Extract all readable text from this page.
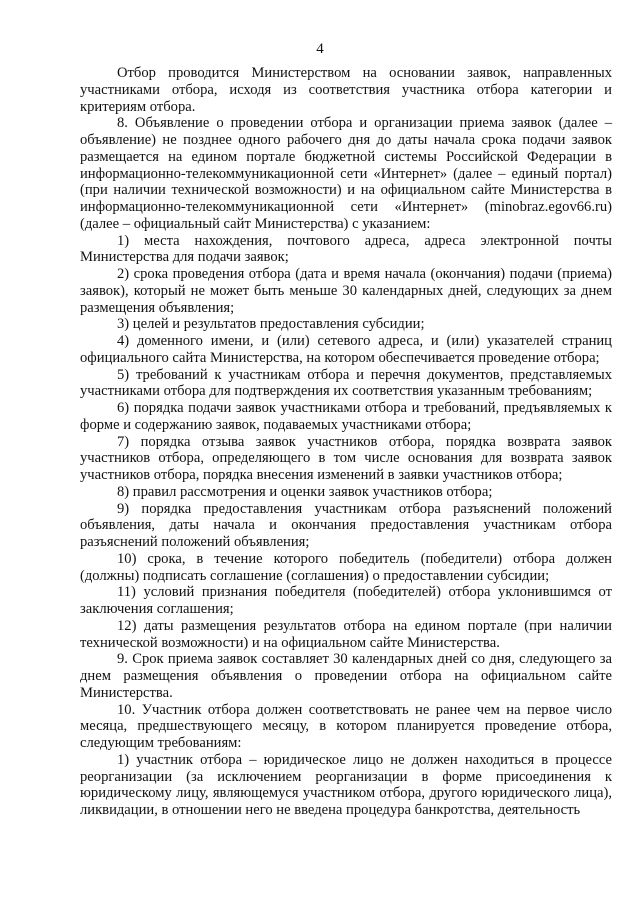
4

Отбор проводится Министерством на основании заявок, направленных участниками отбора, исходя из соответствия участника отбора категории и критериям отбора.

8. Объявление о проведении отбора и организации приема заявок (далее – объявление) не позднее одного рабочего дня до даты начала срока подачи заявок размещается на едином портале бюджетной системы Российской Федерации в информационно-телекоммуникационной сети «Интернет» (далее – единый портал) (при наличии технической возможности) и на официальном сайте Министерства в информационно-телекоммуникационной сети «Интернет» (minobraz.egov66.ru) (далее – официальный сайт Министерства) с указанием:

1) места нахождения, почтового адреса, адреса электронной почты Министерства для подачи заявок;

2) срока проведения отбора (дата и время начала (окончания) подачи (приема) заявок), который не может быть меньше 30 календарных дней, следующих за днем размещения объявления;

3) целей и результатов предоставления субсидии;

4) доменного имени, и (или) сетевого адреса, и (или) указателей страниц официального сайта Министерства, на котором обеспечивается проведение отбора;

5) требований к участникам отбора и перечня документов, представляемых участниками отбора для подтверждения их соответствия указанным требованиям;

6) порядка подачи заявок участниками отбора и требований, предъявляемых к форме и содержанию заявок, подаваемых участниками отбора;

7) порядка отзыва заявок участников отбора, порядка возврата заявок участников отбора, определяющего в том числе основания для возврата заявок участников отбора, порядка внесения изменений в заявки участников отбора;

8) правил рассмотрения и оценки заявок участников отбора;

9) порядка предоставления участникам отбора разъяснений положений объявления, даты начала и окончания предоставления участникам отбора разъяснений положений объявления;

10) срока, в течение которого победитель (победители) отбора должен (должны) подписать соглашение (соглашения) о предоставлении субсидии;

11) условий признания победителя (победителей) отбора уклонившимся от заключения соглашения;

12) даты размещения результатов отбора на едином портале (при наличии технической возможности) и на официальном сайте Министерства.

9. Срок приема заявок составляет 30 календарных дней со дня, следующего за днем размещения объявления о проведении отбора на официальном сайте Министерства.

10. Участник отбора должен соответствовать не ранее чем на первое число месяца, предшествующего месяцу, в котором планируется проведение отбора, следующим требованиям:

1) участник отбора – юридическое лицо не должен находиться в процессе реорганизации (за исключением реорганизации в форме присоединения к юридическому лицу, являющемуся участником отбора, другого юридического лица), ликвидации, в отношении него не введена процедура банкротства, деятельность
